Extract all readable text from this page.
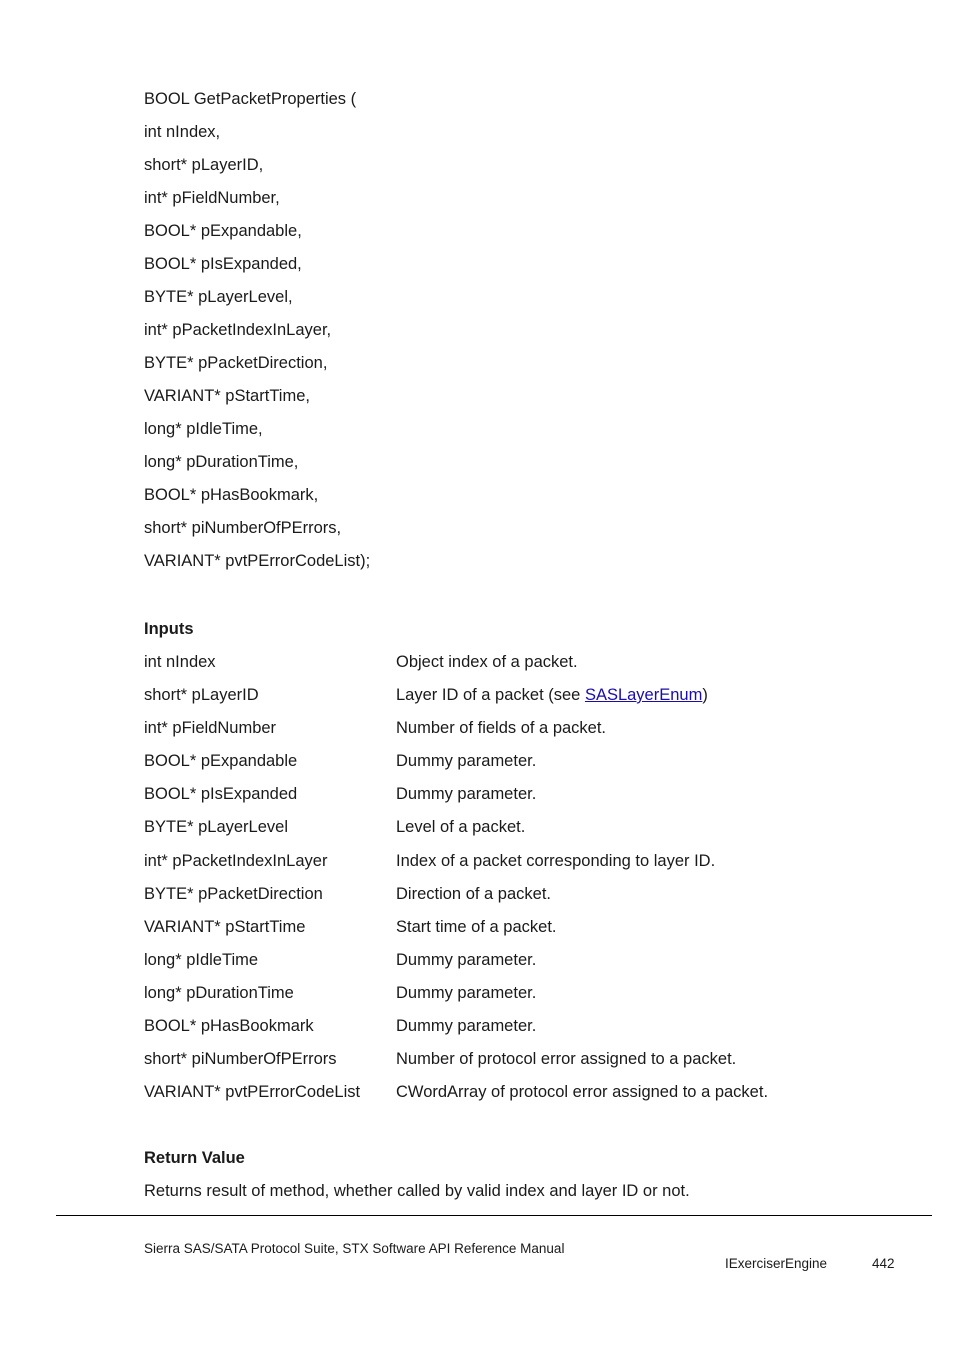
BOOL GetPacketProperties (
int nIndex,
short* pLayerID,
int* pFieldNumber,
BOOL* pExpandable,
BOOL* pIsExpanded,
BYTE* pLayerLevel,
int* pPacketIndexInLayer,
BYTE* pPacketDirection,
VARIANT* pStartTime,
long* pIdleTime,
long* pDurationTime,
BOOL* pHasBookmark,
short* piNumberOfPErrors,
VARIANT* pvtPErrorCodeList);
Inputs
int nIndex	Object index of a packet.
short* pLayerID	Layer ID of a packet (see SASLayerEnum)
int* pFieldNumber	Number of fields of a packet.
BOOL* pExpandable	Dummy parameter.
BOOL* pIsExpanded	Dummy parameter.
BYTE* pLayerLevel	Level of a packet.
int* pPacketIndexInLayer	Index of a packet corresponding to layer ID.
BYTE* pPacketDirection	Direction of a packet.
VARIANT* pStartTime	Start time of a packet.
long* pIdleTime	Dummy parameter.
long* pDurationTime	Dummy parameter.
BOOL* pHasBookmark	Dummy parameter.
short* piNumberOfPErrors	Number of protocol error assigned to a packet.
VARIANT* pvtPErrorCodeList	CWordArray of protocol error assigned to a packet.
Return Value
Returns result of method, whether called by valid index and layer ID or not.
Sierra SAS/SATA Protocol Suite, STX Software API Reference Manual
IExerciserEngine	442
